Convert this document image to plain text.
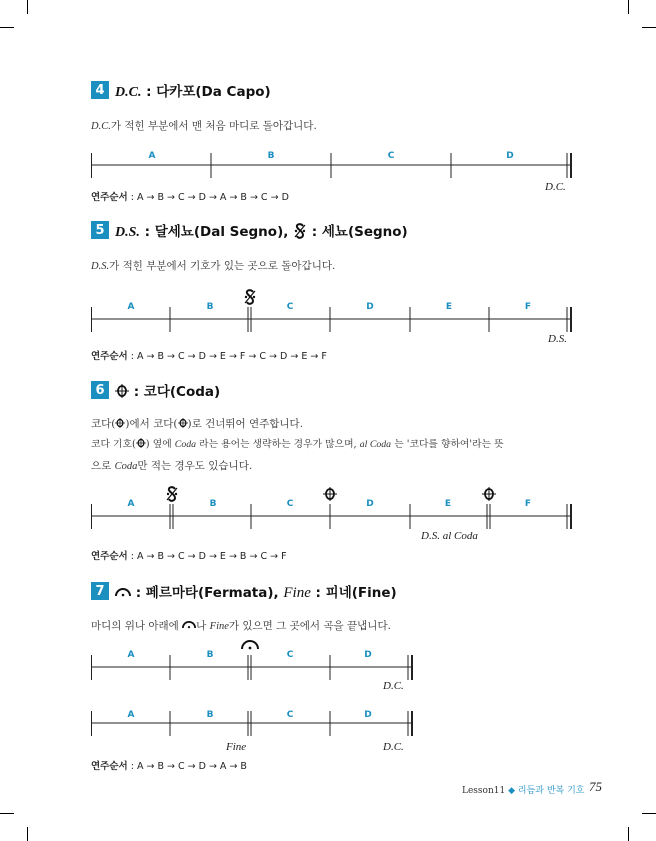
4 D.C. : 다카포(Da Capo)
D.C.가 적힌 부분에서 맨 처음 마디로 돌아갑니다.
A	B	C	D
D.C.
연주순서 : A → B → C → D → A → B → C → D
5 D.S. : 달세뇨(Dal Segno),  : 세뇨(Segno)
D.S.가 적힌 부분에서 기호가 있는 곳으로 돌아갑니다.
A	B	C	D	E	F
D.S.
연주순서 : A → B → C → D → E → F → C → D → E → F
6	: 코다(Coda)
코다( )에서 코다( )로 건너뛰어 연주합니다.
코다 기호( ) 옆에 Coda 라는 용어는 생략하는 경우가 많으며, al Coda 는 '코다를 향하여'라는 뜻
으로 Coda만 적는 경우도 있습니다.
A	B	C	D	E	F
D.S. al Coda
연주순서 : A → B → C → D → E → B → C → F
7	: 페르마타(Fermata), Fine : 피네(Fine)
마디의 위나 아래에 나 Fine가 있으면 그 곳에서 곡을 끝냅니다.
A	B	C	D
D.C.
A	B	C	D
Fine	D.C.
연주순서 : A → B → C → D → A → B
Lesson11 ◆ 리듬과 반복 기호 75
